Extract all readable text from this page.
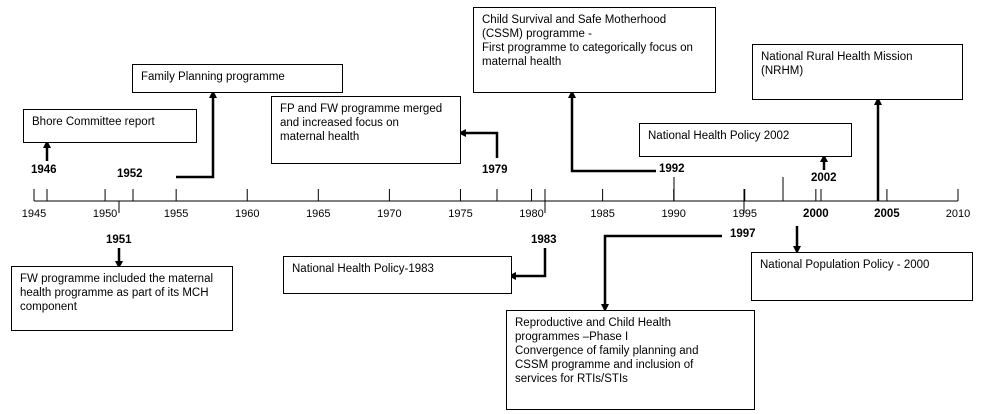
1945	1950	1955	1960	1965	1970	1975	1980	1985	1990	1995	2000	2005	2010
1946	1952	1979	1992
2002
1951	1983	1997
Bhore Committee report
Family Planning programme
FP and FW programme merged
and increased focus on
maternal health
Child Survival and Safe Motherhood
(CSSM) programme -
First programme to categorically focus on
maternal health
National Health Policy 2002
National Rural Health Mission
(NRHM)
FW programme included the maternal
health programme as part of its MCH
component
National Health Policy-1983
Reproductive and Child Health
programmes –Phase I
Convergence of family planning and
CSSM programme and inclusion of
services for RTIs/STIs
National Population Policy - 2000
